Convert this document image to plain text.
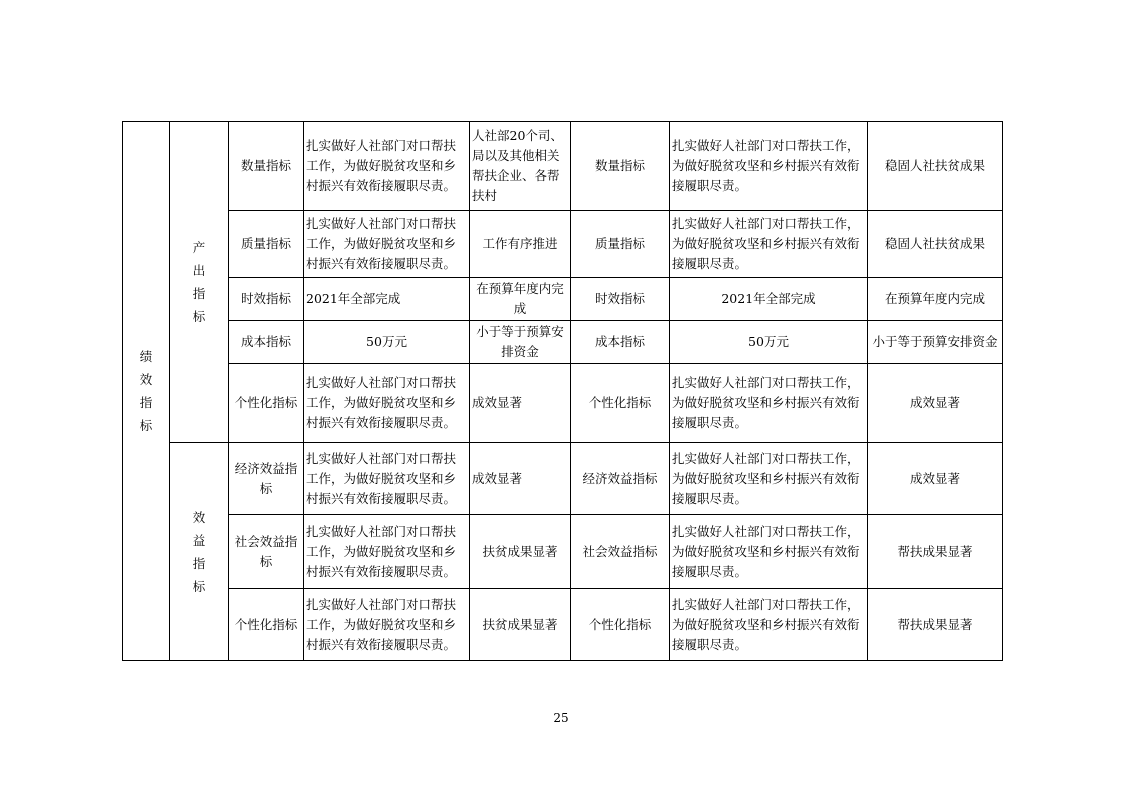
绩效指标	产出指标	数量指标	扎实做好人社部门对口帮扶工作，为做好脱贫攻坚和乡村振兴有效衔接履职尽责。	人社部20个司、局以及其他相关帮扶企业、各帮扶村	数量指标	扎实做好人社部门对口帮扶工作，为做好脱贫攻坚和乡村振兴有效衔接履职尽责。	稳固人社扶贫成果
		质量指标	扎实做好人社部门对口帮扶工作，为做好脱贫攻坚和乡村振兴有效衔接履职尽责。	工作有序推进	质量指标	扎实做好人社部门对口帮扶工作，为做好脱贫攻坚和乡村振兴有效衔接履职尽责。	稳固人社扶贫成果
		时效指标	2021年全部完成	在预算年度内完成	时效指标	2021年全部完成	在预算年度内完成
		成本指标	50万元	小于等于预算安排资金	成本指标	50万元	小于等于预算安排资金
		个性化指标	扎实做好人社部门对口帮扶工作，为做好脱贫攻坚和乡村振兴有效衔接履职尽责。	成效显著	个性化指标	扎实做好人社部门对口帮扶工作，为做好脱贫攻坚和乡村振兴有效衔接履职尽责。	成效显著
	效益指标	经济效益指标	扎实做好人社部门对口帮扶工作，为做好脱贫攻坚和乡村振兴有效衔接履职尽责。	成效显著	经济效益指标	扎实做好人社部门对口帮扶工作，为做好脱贫攻坚和乡村振兴有效衔接履职尽责。	成效显著
		社会效益指标	扎实做好人社部门对口帮扶工作，为做好脱贫攻坚和乡村振兴有效衔接履职尽责。	扶贫成果显著	社会效益指标	扎实做好人社部门对口帮扶工作，为做好脱贫攻坚和乡村振兴有效衔接履职尽责。	帮扶成果显著
		个性化指标	扎实做好人社部门对口帮扶工作，为做好脱贫攻坚和乡村振兴有效衔接履职尽责。	扶贫成果显著	个性化指标	扎实做好人社部门对口帮扶工作，为做好脱贫攻坚和乡村振兴有效衔接履职尽责。	帮扶成果显著
25
